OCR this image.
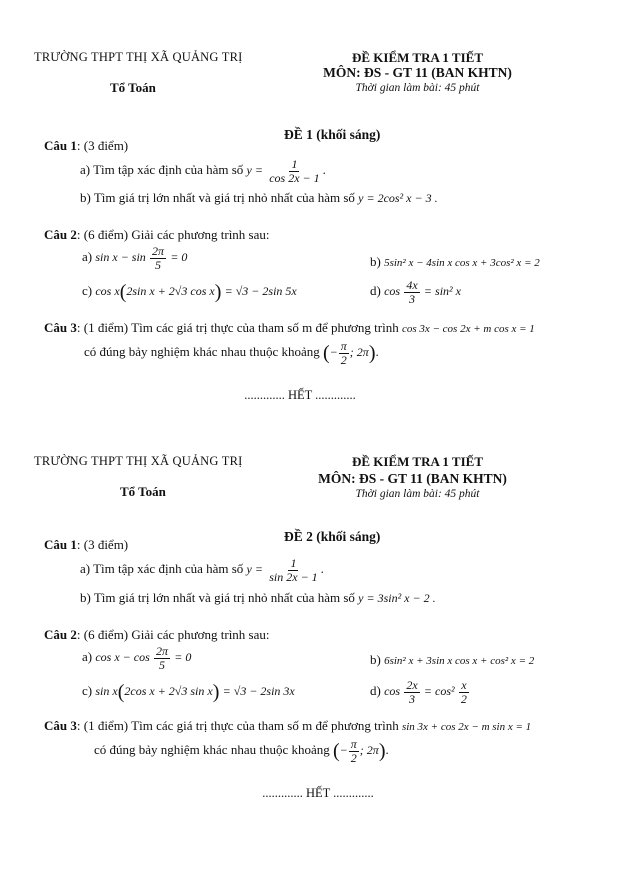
TRƯỜNG THPT THỊ XÃ QUẢNG TRỊ
Tổ Toán
ĐỀ KIỂM TRA 1 TIẾT
MÔN: ĐS - GT 11 (BAN KHTN)
Thời gian làm bài: 45 phút
ĐỀ 1 (khối sáng)
Câu 1: (3 điểm)
a) Tìm tập xác định của hàm số $y = \frac{1}{\cos 2x - 1}$ .
b) Tìm giá trị lớn nhất và giá trị nhỏ nhất của hàm số y = 2cos² x − 3 .
Câu 2: (6 điểm) Giải các phương trình sau:
a) $\sin x - \sin \frac{2\pi}{5} = 0$	b) 5sin² x − 4sin x cos x + 3cos² x = 2
c) cos x(2sin x + 2√3 cos x) = √3 − 2sin 5x	d) $\cos \frac{4x}{3} = \sin^2$ x
Câu 3: (1 điểm) Tìm các giá trị thực của tham số m để phương trình cos 3x − cos 2x + m cos x = 1
có đúng bảy nghiệm khác nhau thuộc khoảng (− $\frac{\pi}{2}$ ; 2π).
............. HẾT .............
TRƯỜNG THPT THỊ XÃ QUẢNG TRỊ
Tổ Toán
ĐỀ KIỂM TRA 1 TIẾT
MÔN: ĐS - GT 11 (BAN KHTN)
Thời gian làm bài: 45 phút
ĐỀ 2 (khối sáng)
Câu 1: (3 điểm)
a) Tìm tập xác định của hàm số $y = \frac{1}{\sin 2x - 1}$ .
b) Tìm giá trị lớn nhất và giá trị nhỏ nhất của hàm số y = 3sin² x − 2 .
Câu 2: (6 điểm) Giải các phương trình sau:
a) $\cos x - \cos \frac{2\pi}{5} = 0$	b) 6sin² x + 3sin x cos x + cos² x = 2
c) sin x(2cos x + 2√3 sin x) = √3 − 2sin 3x	d) $\cos \frac{2x}{3} = \cos^2 \frac{x}{2}$
Câu 3: (1 điểm) Tìm các giá trị thực của tham số m để phương trình sin 3x + cos 2x − m sin x = 1
có đúng bảy nghiệm khác nhau thuộc khoảng (− $\frac{\pi}{2}$ ; 2π).
............. HẾT .............
